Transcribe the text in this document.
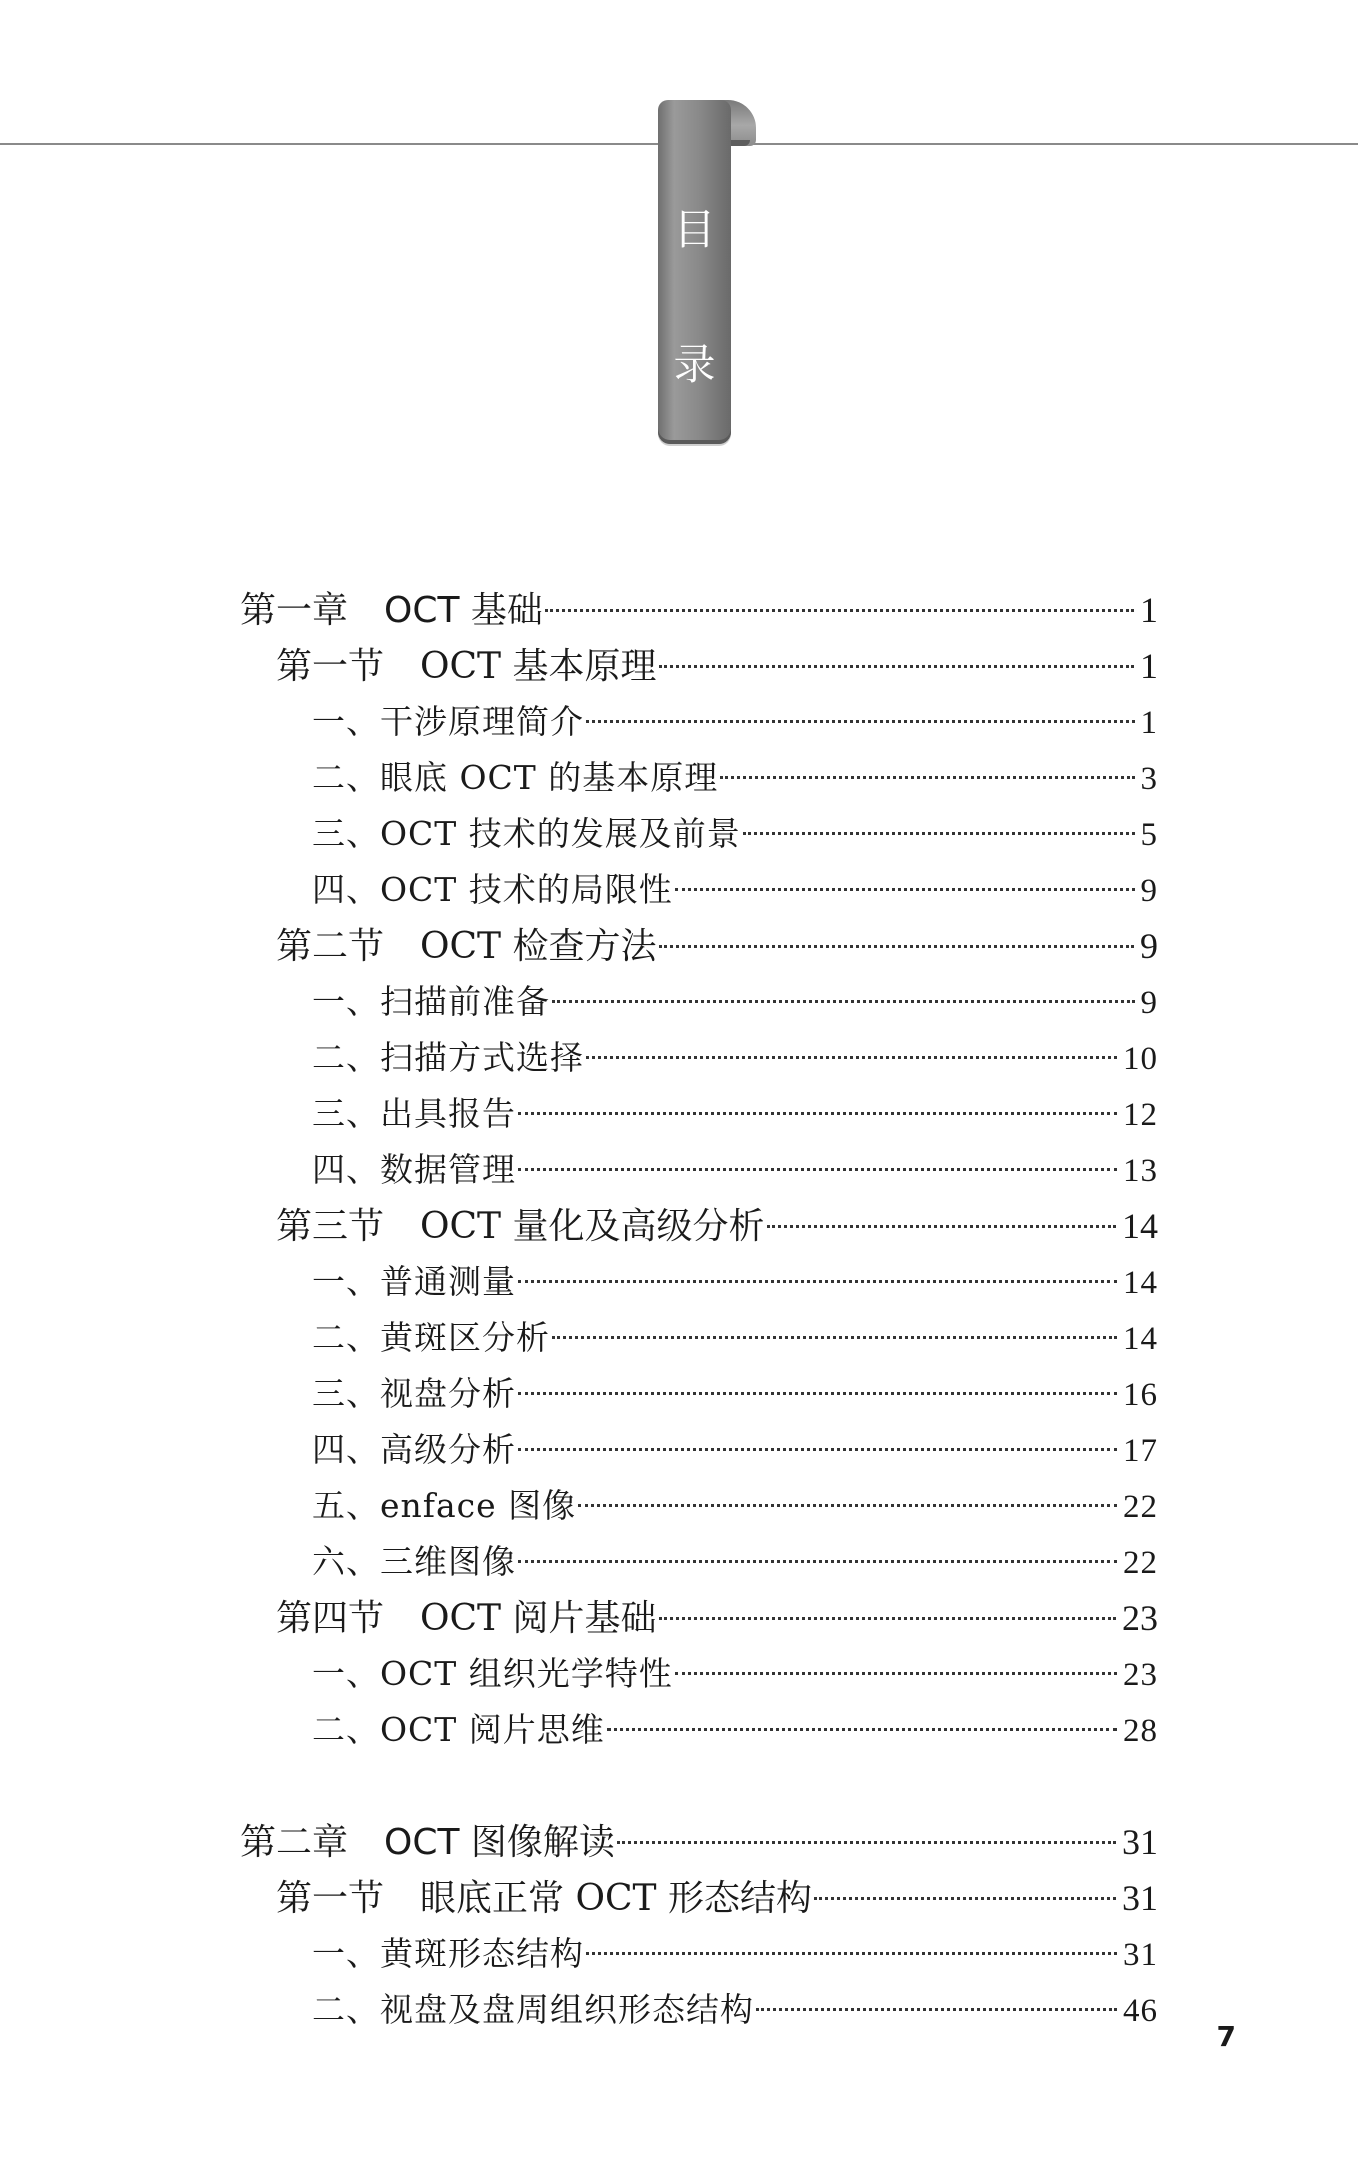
目
录
第一章　OCT 基础	1
第一节　OCT 基本原理	1
一、干涉原理简介	1
二、眼底 OCT 的基本原理	3
三、OCT 技术的发展及前景	5
四、OCT 技术的局限性	9
第二节　OCT 检查方法	9
一、扫描前准备	9
二、扫描方式选择	10
三、出具报告	12
四、数据管理	13
第三节　OCT 量化及高级分析	14
一、普通测量	14
二、黄斑区分析	14
三、视盘分析	16
四、高级分析	17
五、enface 图像	22
六、三维图像	22
第四节　OCT 阅片基础	23
一、OCT 组织光学特性	23
二、OCT 阅片思维	28
第二章　OCT 图像解读	31
第一节　眼底正常 OCT 形态结构	31
一、黄斑形态结构	31
二、视盘及盘周组织形态结构	46
7
